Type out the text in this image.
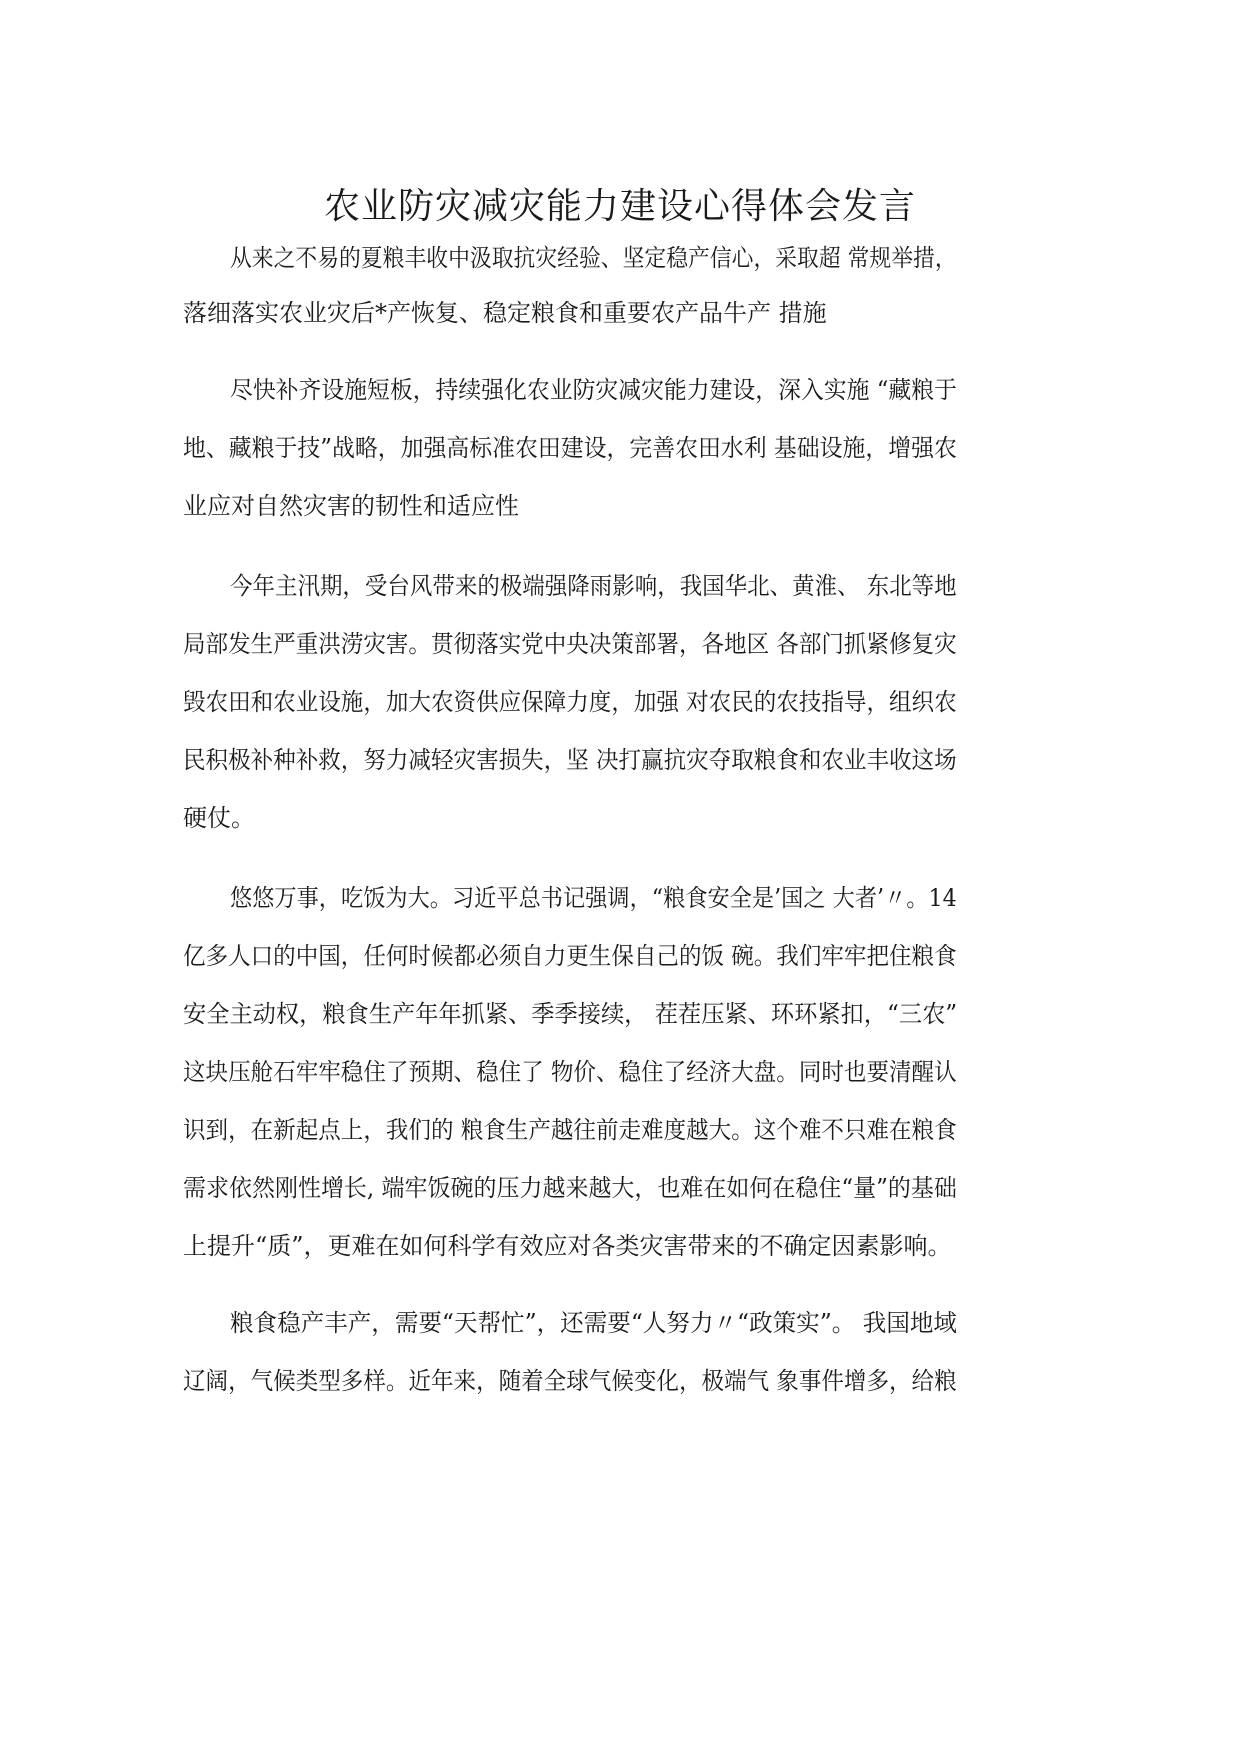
农业防灾减灾能力建设心得体会发言

从来之不易的夏粮丰收中汲取抗灾经验、坚定稳产信心，采取超 常规举措，

落细落实农业灾后*产恢复、稳定粮食和重要农产品牛产 措施

尽快补齐设施短板，持续强化农业防灾减灾能力建设，深入实施 “藏粮于

地、藏粮于技”战略，加强高标准农田建设，完善农田水利 基础设施，增强农

业应对自然灾害的韧性和适应性

今年主汛期，受台风带来的极端强降雨影响，我国华北、黄淮、 东北等地

局部发生严重洪涝灾害。贯彻落实党中央决策部署，各地区 各部门抓紧修复灾

毁农田和农业设施，加大农资供应保障力度，加强 对农民的农技指导，组织农

民积极补种补救，努力减轻灾害损失，坚 决打赢抗灾夺取粮食和农业丰收这场

硬仗。

悠悠万事，吃饭为大。习近平总书记强调，“粮食安全是’国之 大者’〃。14

亿多人口的中国，任何时候都必须自力更生保自己的饭 碗。我们牢牢把住粮食

安全主动权，粮食生产年年抓紧、季季接续， 茬茬压紧、环环紧扣，“三农”

这块压舱石牢牢稳住了预期、稳住了 物价、稳住了经济大盘。同时也要清醒认

识到，在新起点上，我们的 粮食生产越往前走难度越大。这个难不只难在粮食

需求依然刚性增长, 端牢饭碗的压力越来越大，也难在如何在稳住“量”的基础

上提升“质”，更难在如何科学有效应对各类灾害带来的不确定因素影响。

粮食稳产丰产，需要“天帮忙”，还需要“人努力〃“政策实”。 我国地域

辽阔，气候类型多样。近年来，随着全球气候变化，极端气 象事件增多，给粮
